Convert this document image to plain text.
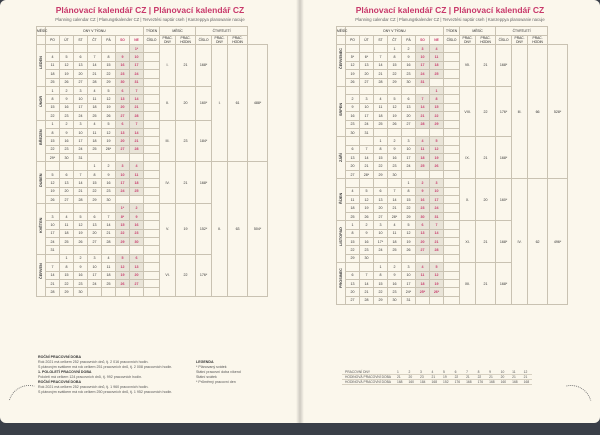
Plánovací kalendář CZ | Plánovací kalendář CZ
Planning calendar CZ | Planungskalender CZ | Terveztési naptár cseh | Kanzeppya planowanie nacuje
MĚSÍC	DNY V TÝDNU							TÝDEN	MĚSÍC		ČTVRTLETÍ			
	PO	ÚT	ST	ČT	PÁ	SO	NE	ČÍSLO	PRAC. DNY	PRAC. HODIN	ČÍSLO	PRAC. DNY	PRAC. HODIN	

LEDEN							1*		I.	21	168*	I.	61	488*
	4	5	6	7	8	9	10							
	11	12	13	14	15	16	17							
	18	19	20	21	22	23	24							
	25	26	27	28	29	30	31							

ÚNOR	1	2	3	4	5	6	7		II.	20	160*			
	8	9	10	11	12	13	14							
	15	16	17	18	19	20	21							
	22	23	24	25	26	27	28							

BŘEZEN	1	2	3	4	5	6	7		III.	23	184*			
	8	9	10	11	12	13	14							
	15	16	17	18	19	20	21							
	22	23	24	25	26*	27	28							
	29*	30	31											

DUBEN				1	2	3	4		IV.	21	168*	II.	63	504*
	5	6	7	8	9	10	11							
	12	13	14	15	16	17	18							
	19	20	21	22	23	24	25							
	26	27	28	29	30									

KVĚTEN						1*	2		V.	19	152*			
	3	4	5	6	7	8*	9							
	10	11	12	13	14	15	16							
	17	18	19	20	21	22	23							
	24	25	26	27	28	29	30							
	31													

ČERVEN		1	2	3	4	5	6		VI.	22	176*			
	7	8	9	10	11	12	13							
	14	15	16	17	18	19	20							
	21	22	23	24	25	26	27							
	28	29	30											
ROČNÍ PRACOVNÍ DOBA
Rok 2021 má celkem 252 pracovních dnů, tj. 2 016 pracovních hodin.
S plánovým svátkem má rok celkem 251 pracovních dnů, tj. 2 008 pracovních hodin.
1. POLOLETÍ PRACOVNÍ DOBA
Pololetí má celkem 124 pracovních dnů, tj. 992 pracovních hodin.
ROČNÍ PRACOVNÍ DOBA
Rok 2021 má celkem 252 pracovních dnů, tj. 1 960 pracovních hodin.
S plánovým svátkem má rok celkem 250 pracovních dnů, tj. 1 952 pracovních hodin.
LEGENDA
* Plánovaný svátek
Státní pracovní doba víkend
Státní svátek
* Průměrný pracovní den
Plánovací kalendář CZ | Plánovací kalendář CZ
Planning calendar CZ | Planungskalender CZ | Terveztési naptár cseh | Kanzeppya planowanie nacuje
MĚSÍC	DNY V TÝDNU							TÝDEN	MĚSÍC		ČTVRTLETÍ			
	PO	ÚT	ST	ČT	PÁ	SO	NE	ČÍSLO	PRAC. DNY	PRAC. HODIN	ČÍSLO	PRAC. DNY	PRAC. HODIN	

ČERVENEC				1	2	3	4		VII.	21	168*	III.	66	528*
	5*	6*	7	8	9	10	11							
	12	13	14	15	16	17	18							
	19	20	21	22	23	24	25							
	26	27	28	29	30	31								

SRPEN							1		VIII.	22	176*			
	2	3	4	5	6	7	8							
	9	10	11	12	13	14	15							
	16	17	18	19	20	21	22							
	23	24	25	26	27	28	29							
	30	31												

ZÁŘÍ			1	2	3	4	5		IX.	21	168*			
	6	7	8	9	10	11	12							
	13	14	15	16	17	18	19							
	20	21	22	23	24	25	26							
	27	28*	29	30										

ŘÍJEN					1	2	3		X.	20	160*	IV.	62	496*
	4	5	6	7	8	9	10							
	11	12	13	14	15	16	17							
	18	19	20	21	22	23	24							
	25	26	27	28*	29	30	31							

LISTOPAD	1	2	3	4	5	6	7		XI.	21	168*			
	8	9	10	11	12	13	14							
	15	16	17*	18	19	20	21							
	22	23	24	25	26	27	28							
	29	30												

PROSINEC			1	2	3	4	5		XII.	21	168*			
	6	7	8	9	10	11	12							
	13	14	15	16	17	18	19							
	20	21	22	23	24*	25*	26*							
	27	28	29	30	31									
PRACOVNÍ DNY	1	2	3	4	5	6	7	8	9	10	11	12
HODINOVÁ PRACOVNÍ DOBA	21	20	23	21	19	22	21	22	21	20	21	21
HODINOVÁ PRACOVNÍ DOBA	168	160	184	168	152	176	168	176	168	160	168	168
